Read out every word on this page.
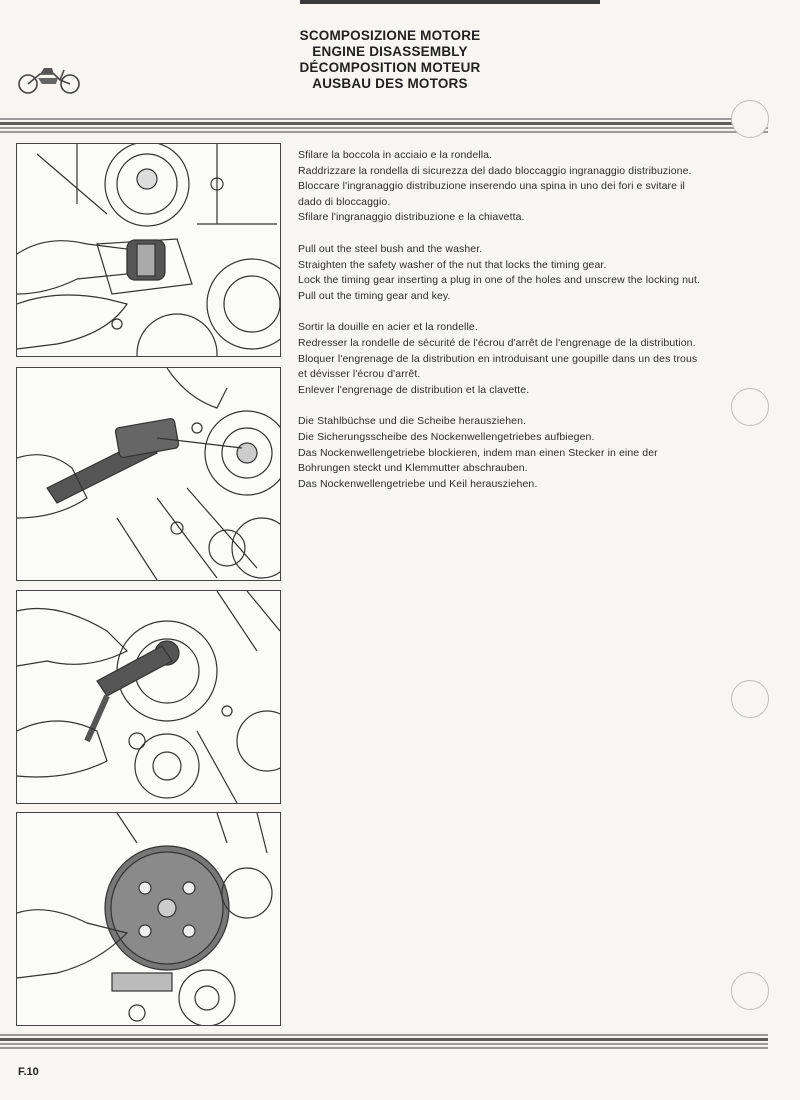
SCOMPOSIZIONE MOTORE
ENGINE DISASSEMBLY
DÉCOMPOSITION MOTEUR
AUSBAU DES MOTORS
Sfilare la boccola in acciaio e la rondella.
Raddrizzare la rondella di sicurezza del dado bloccaggio ingranaggio distribuzione.
Bloccare l'ingranaggio distribuzione inserendo una spina in uno dei fori e svitare il dado di bloccaggio.
Sfilare l'ingranaggio distribuzione e la chiavetta.
Pull out the steel bush and the washer.
Straighten the safety washer of the nut that locks the timing gear.
Lock the timing gear inserting a plug in one of the holes and unscrew the locking nut.
Pull out the timing gear and key.
Sortir la douille en acier et la rondelle.
Redresser la rondelle de sécurité de l'écrou d'arrêt de l'engrenage de la distribution.
Bloquer l'engrenage de la distribution en introduisant une goupille dans un des trous et dévisser l'écrou d'arrêt.
Enlever l'engrenage de distribution et la clavette.
Die Stahlbüchse und die Scheibe herausziehen.
Die Sicherungsscheibe des Nockenwellengetriebes aufbiegen.
Das Nockenwellengetriebe blockieren, indem man einen Stecker in eine der Bohrungen steckt und Klemmutter abschrauben.
Das Nockenwellengetriebe und Keil herausziehen.
F.10
